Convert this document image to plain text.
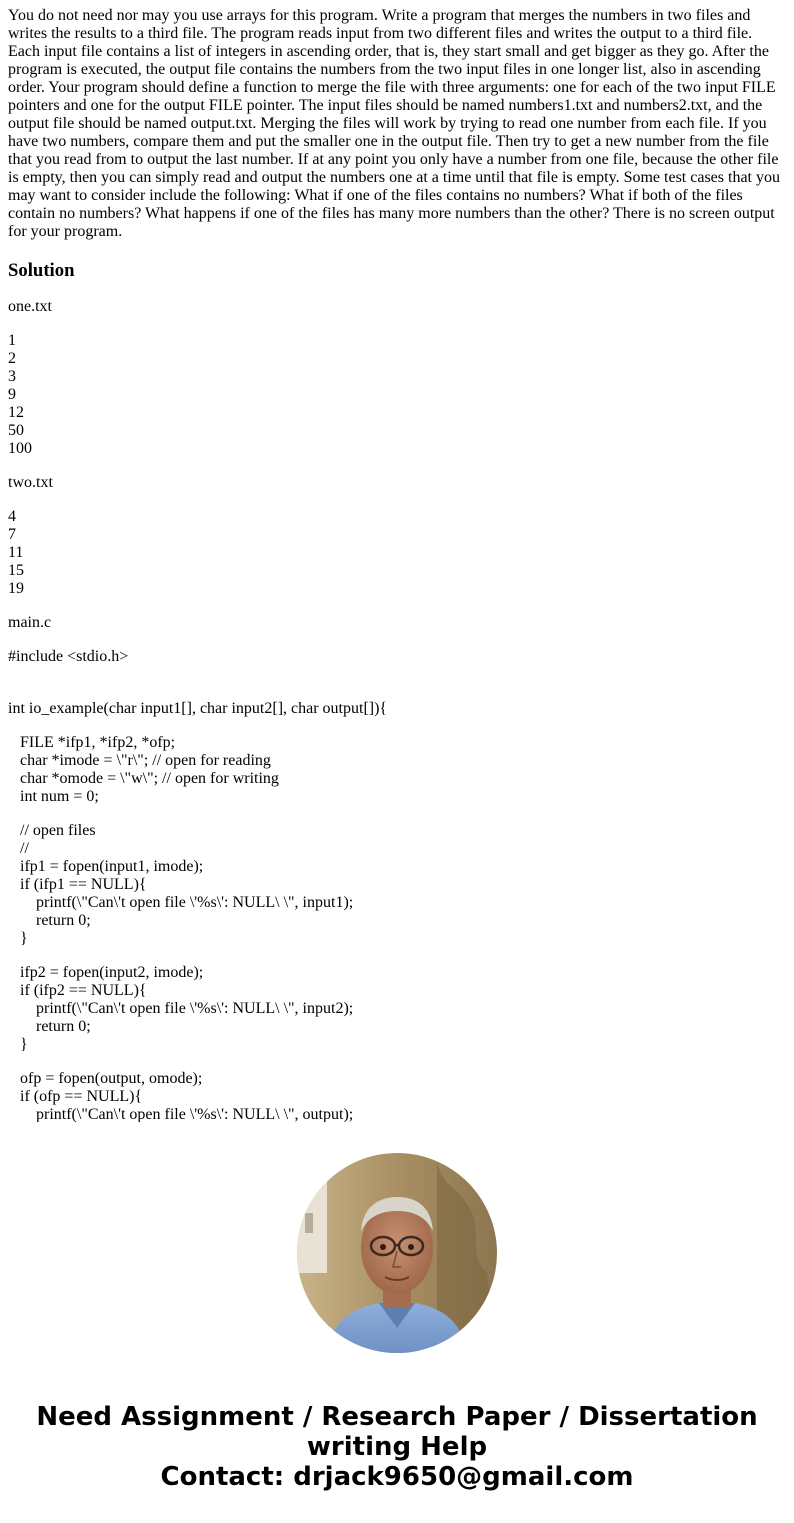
You do not need nor may you use arrays for this program. Write a program that merges the numbers in two files and writes the results to a third file. The program reads input from two different files and writes the output to a third file. Each input file contains a list of integers in ascending order, that is, they start small and get bigger as they go. After the program is executed, the output file contains the numbers from the two input files in one longer list, also in ascending order. Your program should define a function to merge the file with three arguments: one for each of the two input FILE pointers and one for the output FILE pointer. The input files should be named numbers1.txt and numbers2.txt, and the output file should be named output.txt. Merging the files will work by trying to read one number from each file. If you have two numbers, compare them and put the smaller one in the output file. Then try to get a new number from the file that you read from to output the last number. If at any point you only have a number from one file, because the other file is empty, then you can simply read and output the numbers one at a time until that file is empty. Some test cases that you may want to consider include the following: What if one of the files contains no numbers? What if both of the files contain no numbers? What happens if one of the files has many more numbers than the other? There is no screen output for your program.

Solution

one.txt

1
2
3
9
12
50
100

two.txt

4
7
11
15
19

main.c

#include <stdio.h>
int io_example(char input1[], char input2[], char output[]){
FILE *ifp1, *ifp2, *ofp;
char *imode = \"r\"; // open for reading
char *omode = \"w\"; // open for writing
int num = 0;
// open files
//
ifp1 = fopen(input1, imode);
if (ifp1 == NULL){
printf(\"Can\'t open file \'%s\': NULL\ \", input1);
return 0;
}
ifp2 = fopen(input2, imode);
if (ifp2 == NULL){
printf(\"Can\'t open file \'%s\': NULL\ \", input2);
return 0;
}
ofp = fopen(output, omode);
if (ofp == NULL){
printf(\"Can\'t open file \'%s\': NULL\ \", output);
Need Assignment / Research Paper / Dissertation
writing Help
Contact: drjack9650@gmail.com
